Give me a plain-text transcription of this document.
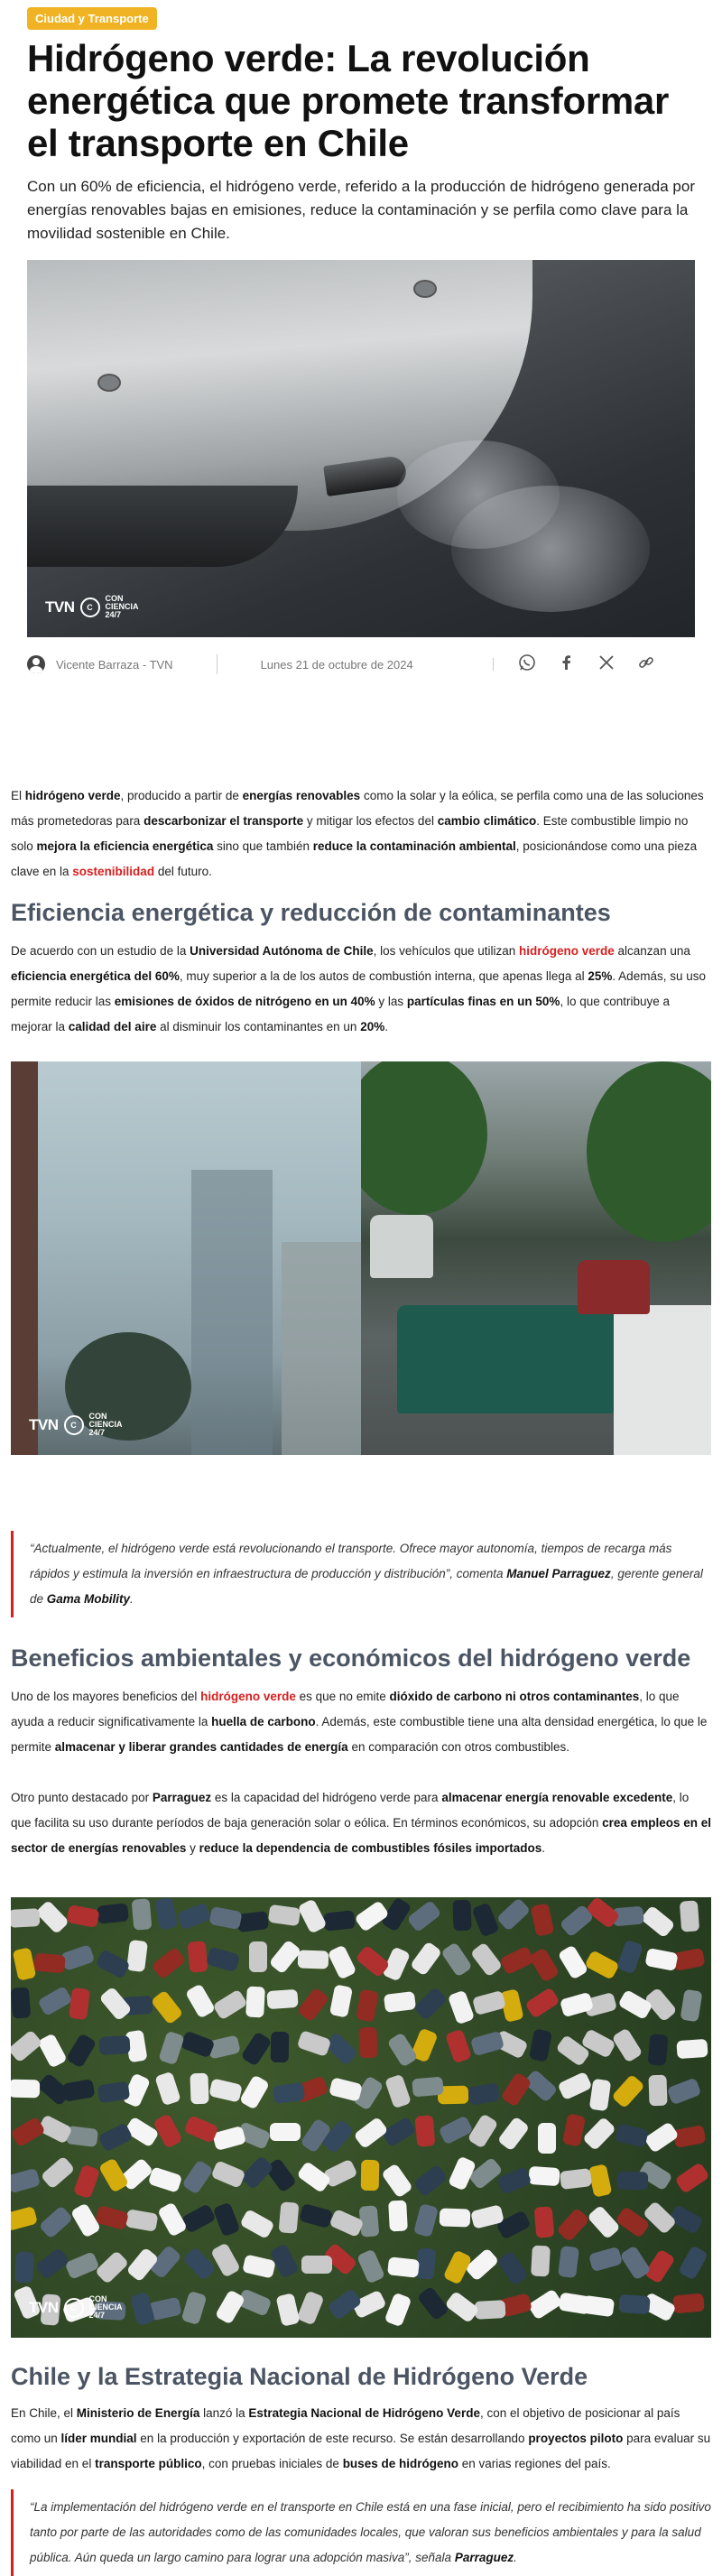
Ciudad y Transporte
Hidrógeno verde: La revolución energética que promete transformar el transporte en Chile

Con un 60% de eficiencia, el hidrógeno verde, referido a la producción de hidrógeno generada por energías renovables bajas en emisiones, reduce la contaminación y se perfila como clave para la movilidad sostenible en Chile.

TVN	C
CON CIENCIA 24/7
Vicente Barraza - TVN	Lunes 21 de octubre de 2024

El hidrógeno verde, producido a partir de energías renovables como la solar y la eólica, se perfila como una de las soluciones más prometedoras para descarbonizar el transporte y mitigar los efectos del cambio climático. Este combustible limpio no solo mejora la eficiencia energética sino que también reduce la contaminación ambiental, posicionándose como una pieza clave en la sostenibilidad del futuro.

Eficiencia energética y reducción de contaminantes

De acuerdo con un estudio de la Universidad Autónoma de Chile, los vehículos que utilizan hidrógeno verde alcanzan una eficiencia energética del 60%, muy superior a la de los autos de combustión interna, que apenas llega al 25%. Además, su uso permite reducir las emisiones de óxidos de nitrógeno en un 40% y las partículas finas en un 50%, lo que contribuye a mejorar la calidad del aire al disminuir los contaminantes en un 20%.

TVN	C
CON CIENCIA 24/7
“Actualmente, el hidrógeno verde está revolucionando el transporte. Ofrece mayor autonomía, tiempos de recarga más rápidos y estimula la inversión en infraestructura de producción y distribución”, comenta Manuel Parraguez, gerente general de Gama Mobility.
Beneficios ambientales y económicos del hidrógeno verde

Uno de los mayores beneficios del hidrógeno verde es que no emite dióxido de carbono ni otros contaminantes, lo que ayuda a reducir significativamente la huella de carbono. Además, este combustible tiene una alta densidad energética, lo que le permite almacenar y liberar grandes cantidades de energía en comparación con otros combustibles.

Otro punto destacado por Parraguez es la capacidad del hidrógeno verde para almacenar energía renovable excedente, lo que facilita su uso durante períodos de baja generación solar o eólica. En términos económicos, su adopción crea empleos en el sector de energías renovables y reduce la dependencia de combustibles fósiles importados.

TVN	C
CON CIENCIA 24/7
Chile y la Estrategia Nacional de Hidrógeno Verde

En Chile, el Ministerio de Energía lanzó la Estrategia Nacional de Hidrógeno Verde, con el objetivo de posicionar al país como un líder mundial en la producción y exportación de este recurso. Se están desarrollando proyectos piloto para evaluar su viabilidad en el transporte público, con pruebas iniciales de buses de hidrógeno en varias regiones del país.

“La implementación del hidrógeno verde en el transporte en Chile está en una fase inicial, pero el recibimiento ha sido positivo tanto por parte de las autoridades como de las comunidades locales, que valoran sus beneficios ambientales y para la salud pública. Aún queda un largo camino para lograr una adopción masiva”, señala Parraguez.
